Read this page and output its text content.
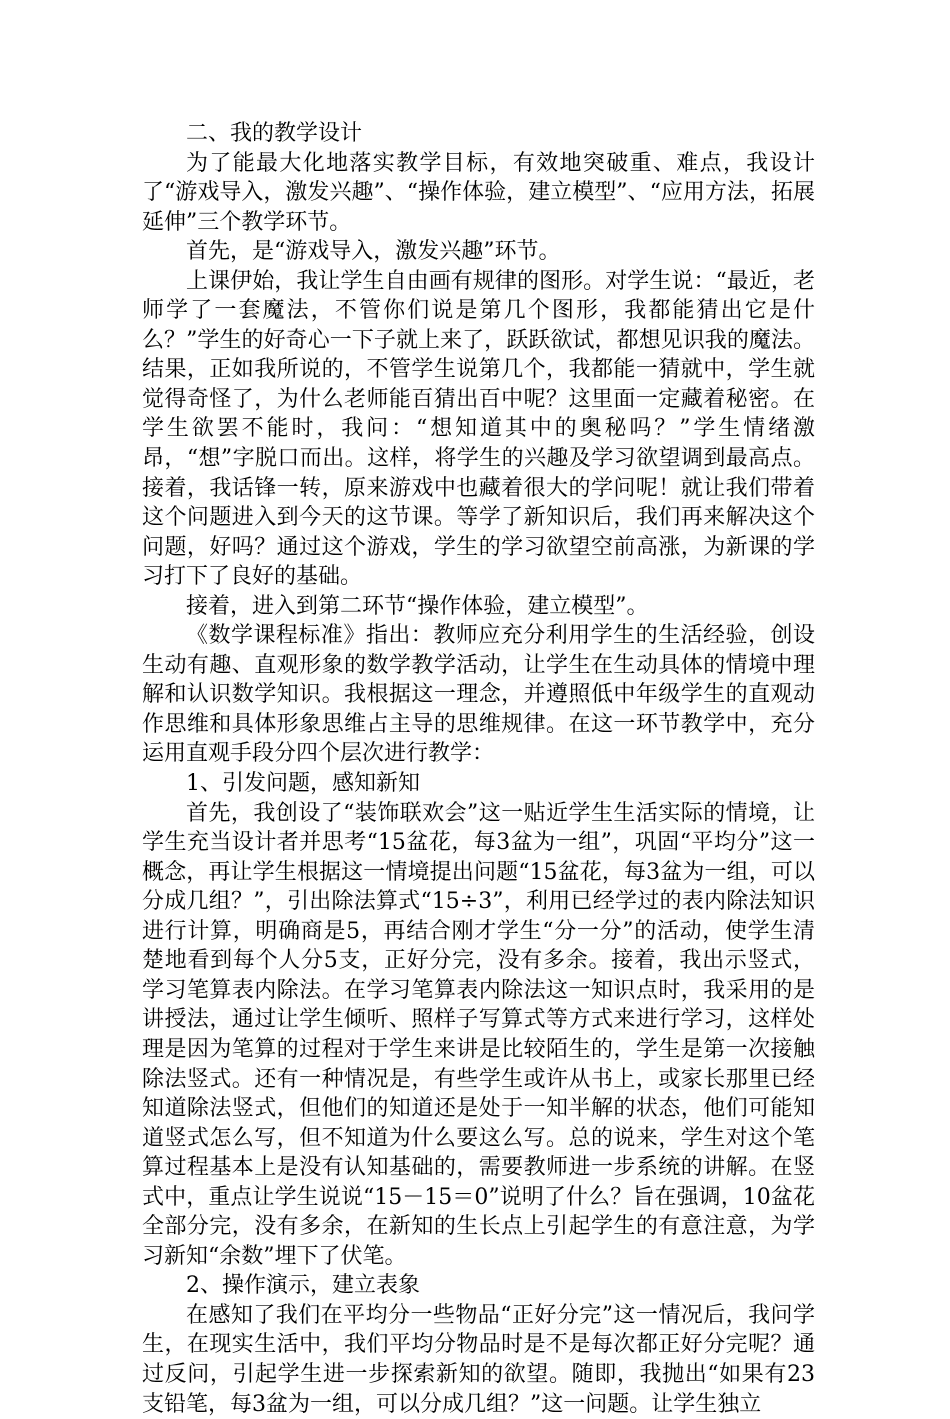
二、我的教学设计

为了能最大化地落实教学目标，有效地突破重、难点，我设计了“游戏导入，激发兴趣”、“操作体验，建立模型”、“应用方法，拓展延伸”三个教学环节。

首先，是“游戏导入，激发兴趣”环节。

上课伊始，我让学生自由画有规律的图形。对学生说：“最近，老师学了一套魔法，不管你们说是第几个图形，我都能猜出它是什么？”学生的好奇心一下子就上来了，跃跃欲试，都想见识我的魔法。结果，正如我所说的，不管学生说第几个，我都能一猜就中，学生就觉得奇怪了，为什么老师能百猜出百中呢？这里面一定藏着秘密。在学生欲罢不能时，我问：“想知道其中的奥秘吗？”学生情绪激昂，“想”字脱口而出。这样，将学生的兴趣及学习欲望调到最高点。接着，我话锋一转，原来游戏中也藏着很大的学问呢！就让我们带着这个问题进入到今天的这节课。等学了新知识后，我们再来解决这个问题，好吗？通过这个游戏，学生的学习欲望空前高涨，为新课的学习打下了良好的基础。

接着，进入到第二环节“操作体验，建立模型”。

《数学课程标准》指出：教师应充分利用学生的生活经验，创设生动有趣、直观形象的数学教学活动，让学生在生动具体的情境中理解和认识数学知识。我根据这一理念，并遵照低中年级学生的直观动作思维和具体形象思维占主导的思维规律。在这一环节教学中，充分运用直观手段分四个层次进行教学：

1、引发问题，感知新知

首先，我创设了“装饰联欢会”这一贴近学生生活实际的情境，让学生充当设计者并思考“15盆花，每3盆为一组”，巩固“平均分”这一概念，再让学生根据这一情境提出问题“15盆花，每3盆为一组，可以分成几组？”，引出除法算式“15÷3”，利用已经学过的表内除法知识进行计算，明确商是5，再结合刚才学生“分一分”的活动，使学生清楚地看到每个人分5支，正好分完，没有多余。接着，我出示竖式，学习笔算表内除法。在学习笔算表内除法这一知识点时，我采用的是讲授法，通过让学生倾听、照样子写算式等方式来进行学习，这样处理是因为笔算的过程对于学生来讲是比较陌生的，学生是第一次接触除法竖式。还有一种情况是，有些学生或许从书上，或家长那里已经知道除法竖式，但他们的知道还是处于一知半解的状态，他们可能知道竖式怎么写，但不知道为什么要这么写。总的说来，学生对这个笔算过程基本上是没有认知基础的，需要教师进一步系统的讲解。在竖式中，重点让学生说说“15－15＝0”说明了什么？旨在强调，10盆花全部分完，没有多余，在新知的生长点上引起学生的有意注意，为学习新知“余数”埋下了伏笔。

2、操作演示，建立表象

在感知了我们在平均分一些物品“正好分完”这一情况后，我问学生，在现实生活中，我们平均分物品时是不是每次都正好分完呢？通过反问，引起学生进一步探索新知的欲望。随即，我抛出“如果有23支铅笔，每3盆为一组，可以分成几组？”这一问题。让学生独立
